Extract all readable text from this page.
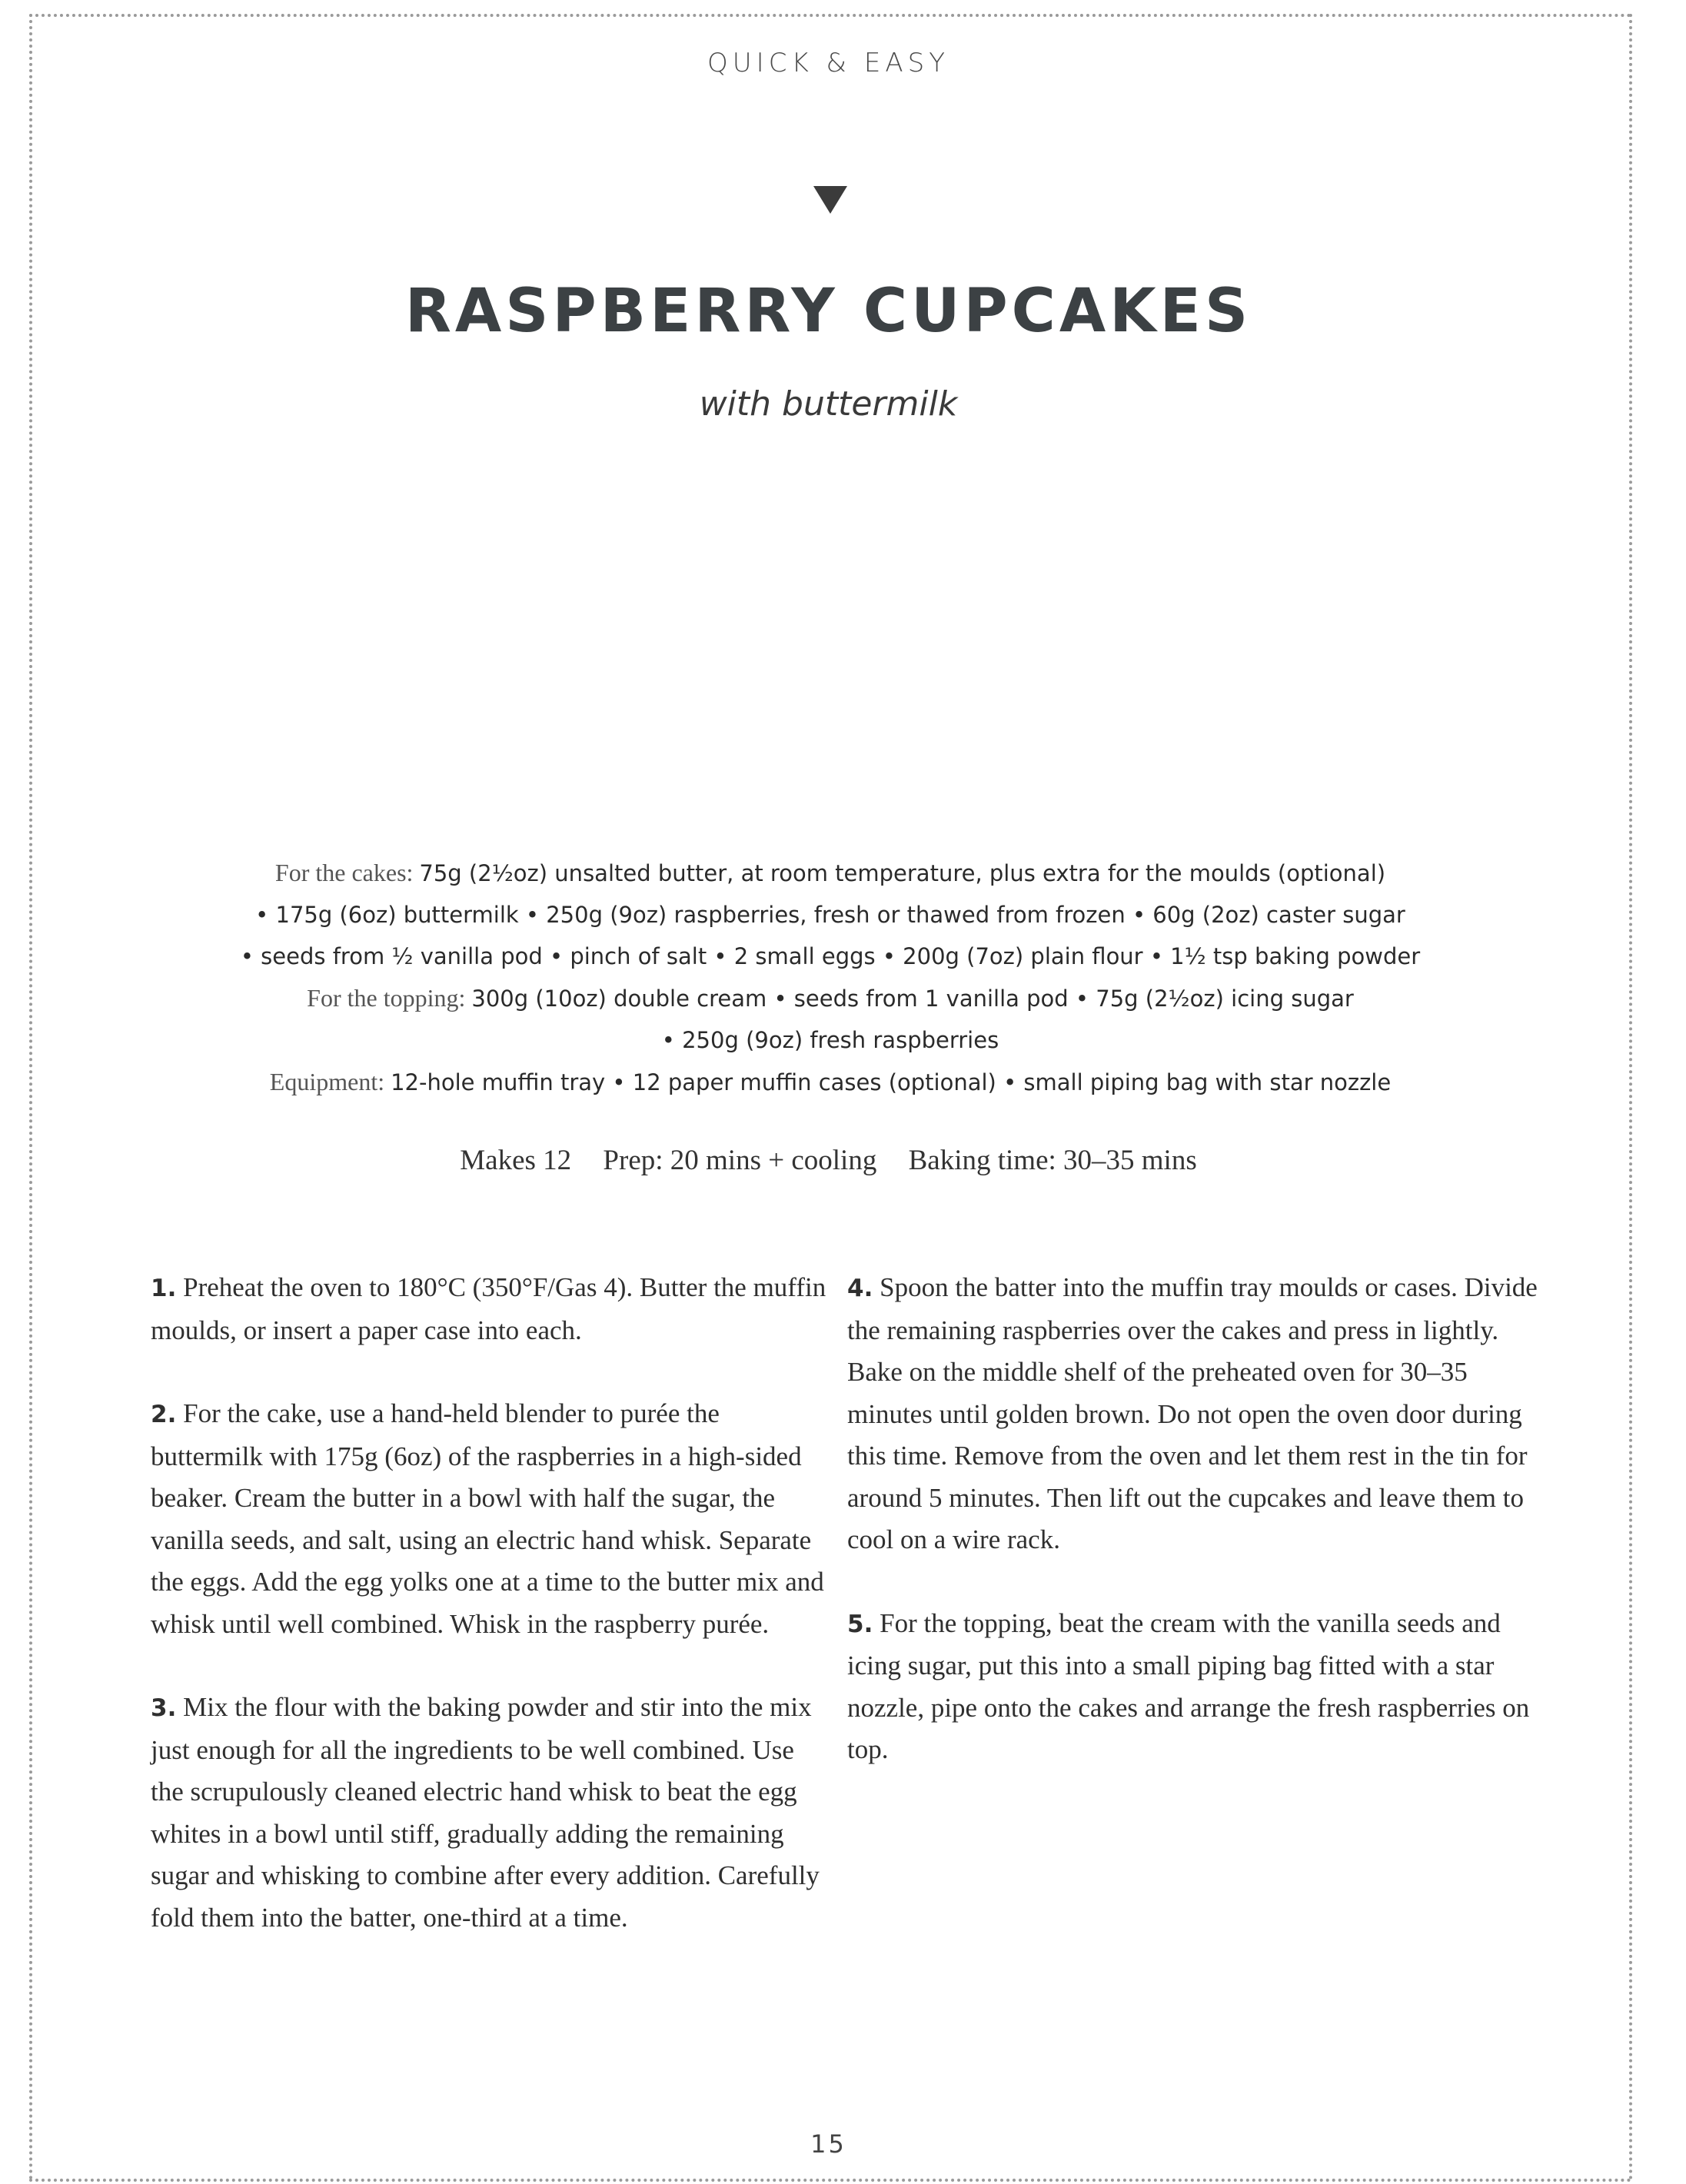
QUICK & EASY
RASPBERRY CUPCAKES
with buttermilk
For the cakes: 75g (2½oz) unsalted butter, at room temperature, plus extra for the moulds (optional)
• 175g (6oz) buttermilk • 250g (9oz) raspberries, fresh or thawed from frozen • 60g (2oz) caster sugar
• seeds from ½ vanilla pod • pinch of salt • 2 small eggs • 200g (7oz) plain flour • 1½ tsp baking powder
For the topping: 300g (10oz) double cream • seeds from 1 vanilla pod • 75g (2½oz) icing sugar
• 250g (9oz) fresh raspberries
Equipment: 12-hole muffin tray • 12 paper muffin cases (optional) • small piping bag with star nozzle
Makes 12 Prep: 20 mins + cooling Baking time: 30–35 mins

1. Preheat the oven to 180°C (350°F/Gas 4). Butter the muffin moulds, or insert a paper case into each.

2. For the cake, use a hand-held blender to purée the buttermilk with 175g (6oz) of the raspberries in a high-sided beaker. Cream the butter in a bowl with half the sugar, the vanilla seeds, and salt, using an electric hand whisk. Separate the eggs. Add the egg yolks one at a time to the butter mix and whisk until well combined. Whisk in the raspberry purée.

3. Mix the flour with the baking powder and stir into the mix just enough for all the ingredients to be well combined. Use the scrupulously cleaned electric hand whisk to beat the egg whites in a bowl until stiff, gradually adding the remaining sugar and whisking to combine after every addition. Carefully fold them into the batter, one-third at a time.

4. Spoon the batter into the muffin tray moulds or cases. Divide the remaining raspberries over the cakes and press in lightly. Bake on the middle shelf of the preheated oven for 30–35 minutes until golden brown. Do not open the oven door during this time. Remove from the oven and let them rest in the tin for around 5 minutes. Then lift out the cupcakes and leave them to cool on a wire rack.

5. For the topping, beat the cream with the vanilla seeds and icing sugar, put this into a small piping bag fitted with a star nozzle, pipe onto the cakes and arrange the fresh raspberries on top.

15
